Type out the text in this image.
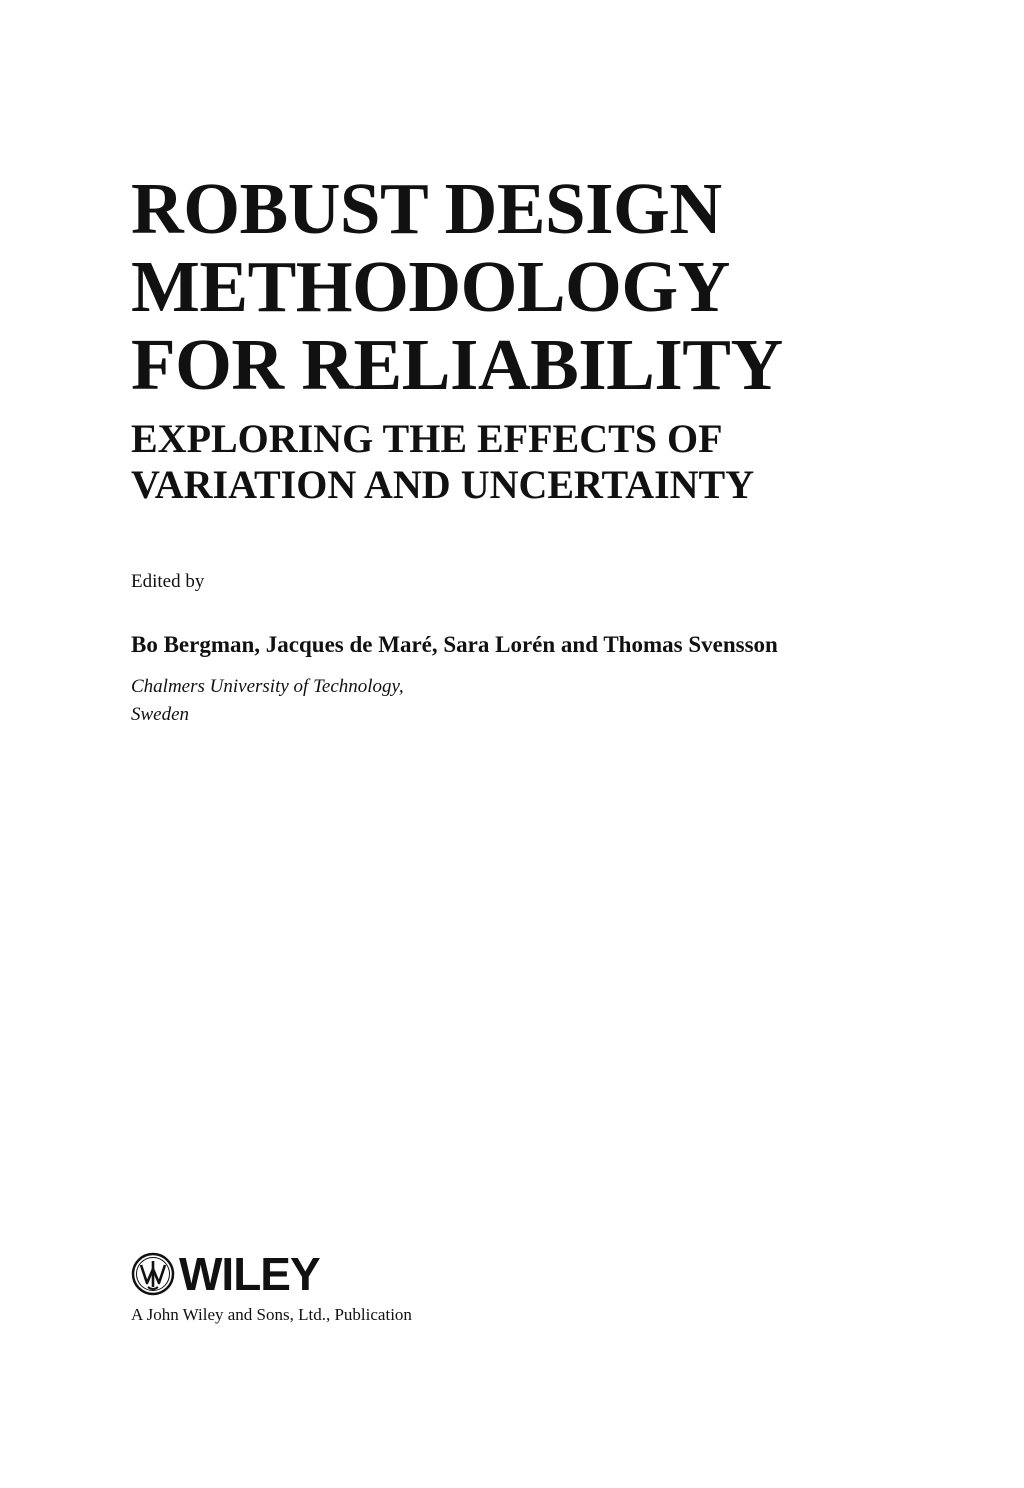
ROBUST DESIGN
METHODOLOGY
FOR RELIABILITY
EXPLORING THE EFFECTS OF
VARIATION AND UNCERTAINTY
Edited by
Bo Bergman, Jacques de Maré, Sara Lorén and Thomas Svensson
Chalmers University of Technology,
Sweden
WILEY
A John Wiley and Sons, Ltd., Publication
